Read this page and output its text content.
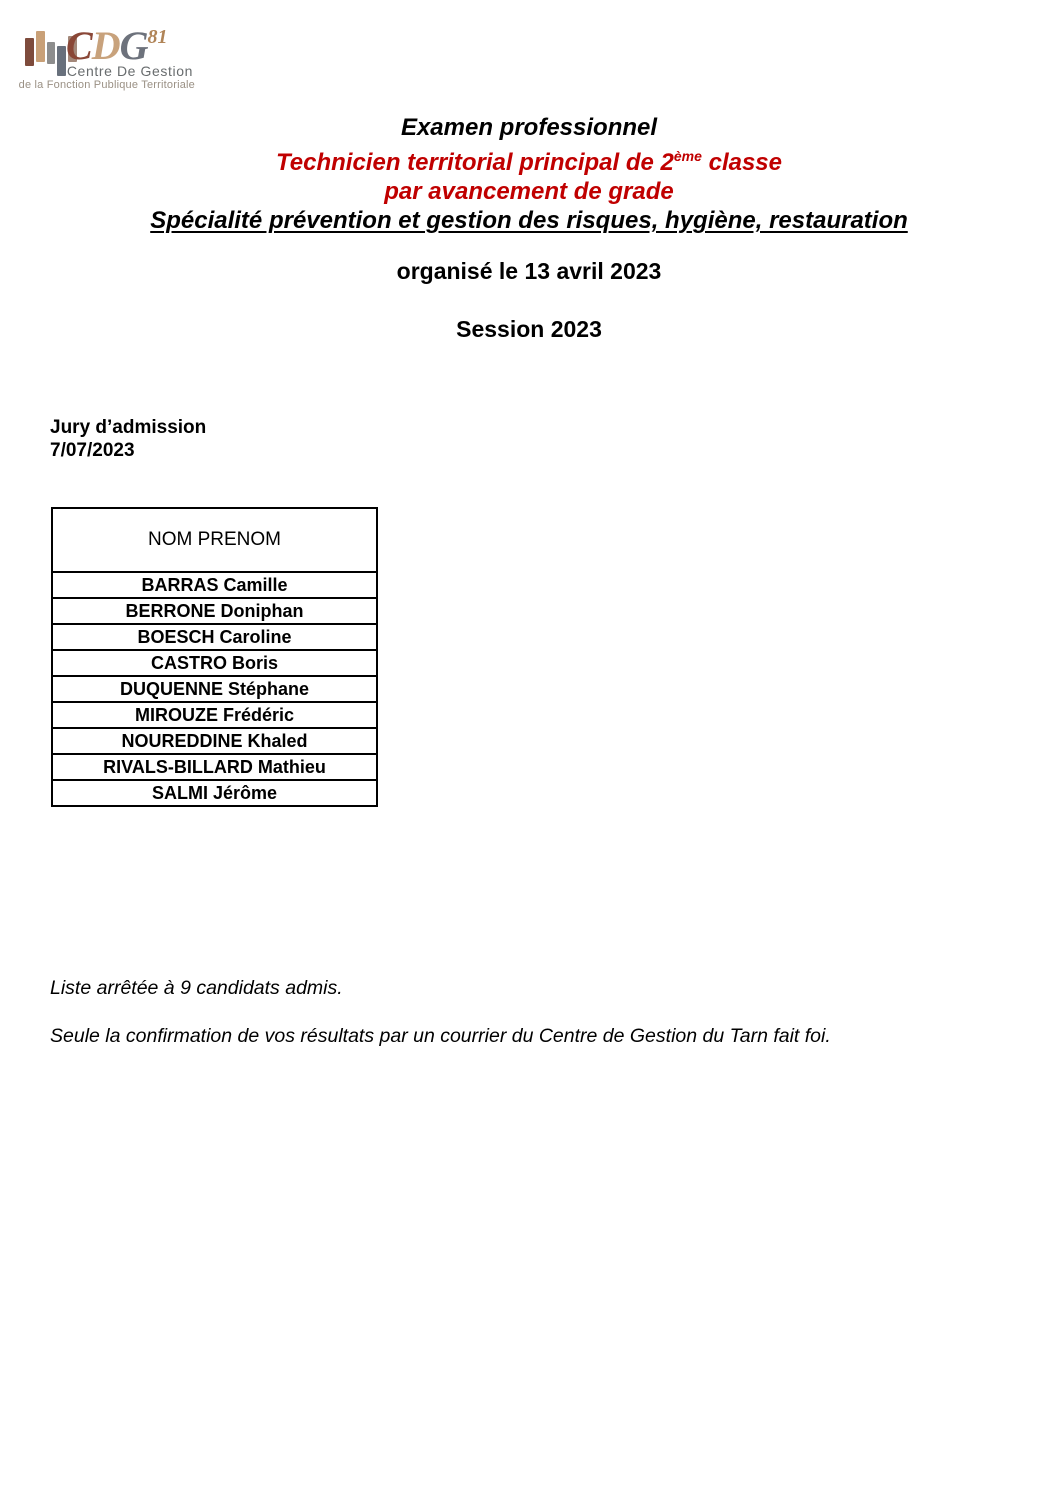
CDG$^{81}$
Centre De Gestion
de la Fonction Publique Territoriale
Examen professionnel
Technicien territorial principal de 2ème classe
par avancement de grade
Spécialité prévention et gestion des risques, hygiène, restauration
organisé le 13 avril 2023
Session 2023
Jury d’admission
7/07/2023
NOM PRENOM
BARRAS Camille
BERRONE Doniphan
BOESCH Caroline
CASTRO Boris
DUQUENNE Stéphane
MIROUZE Frédéric
NOUREDDINE Khaled
RIVALS-BILLARD Mathieu
SALMI Jérôme

Liste arrêtée à 9 candidats admis.

Seule la confirmation de vos résultats par un courrier du Centre de Gestion du Tarn fait foi.
